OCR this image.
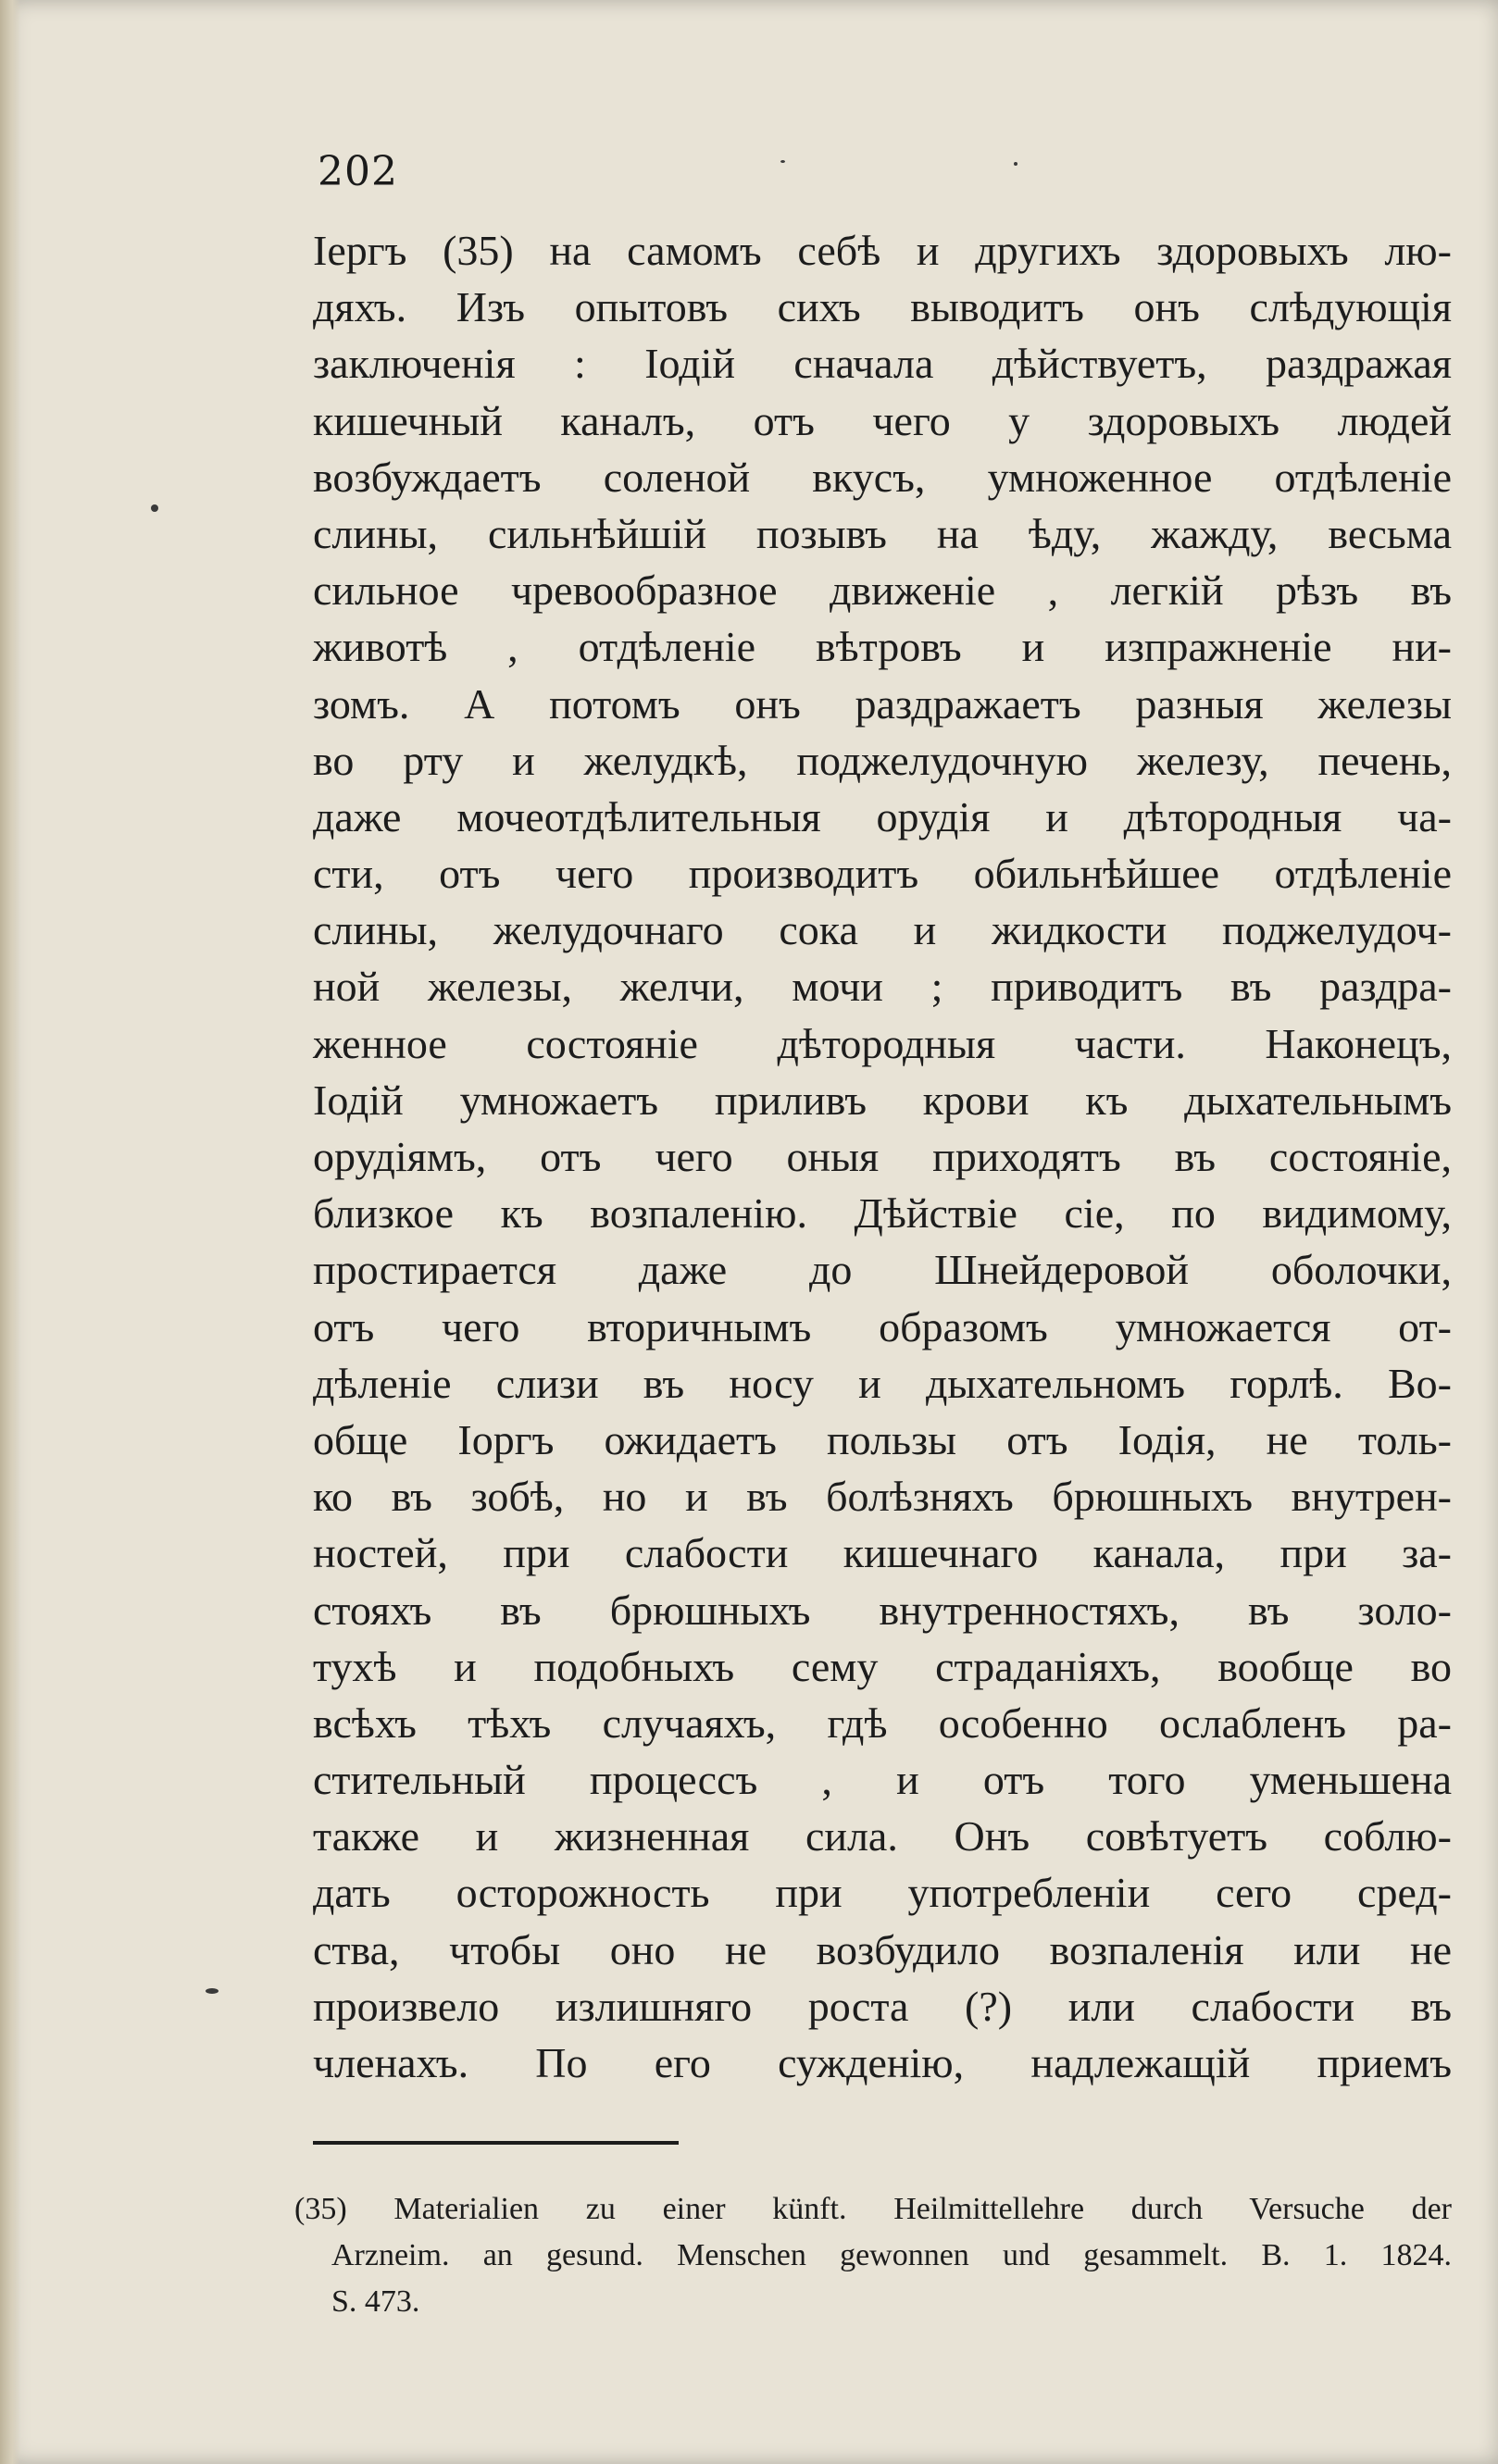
202
Iергъ (35) на самомъ себѣ и другихъ здоровыхъ лю-
дяхъ. Изъ опытовъ сихъ выводитъ онъ слѣдующія
заключенія : Iодій сначала дѣйствуетъ, раздражая
кишечный каналъ, отъ чего у здоровыхъ людей
возбуждаетъ соленой вкусъ, умноженное отдѣленіе
слины, сильнѣйшій позывъ на ѣду, жажду, весьма
сильное чревообразное движеніе , легкій рѣзъ въ
животѣ , отдѣленіе вѣтровъ и изпражненіе ни-
зомъ. А потомъ онъ раздражаетъ разныя железы
во рту и желудкѣ, поджелудочную железу, печень,
даже мочеотдѣлительныя орудія и дѣтородныя ча-
сти, отъ чего производитъ обильнѣйшее отдѣленіе
слины, желудочнаго сока и жидкости поджелудоч-
ной железы, желчи, мочи ; приводитъ въ раздра-
женное состояніе дѣтородныя части. Наконецъ,
Iодій умножаетъ приливъ крови къ дыхательнымъ
орудіямъ, отъ чего оныя приходятъ въ состояніе,
близкое къ возпаленію. Дѣйствіе сіе, по видимому,
простирается даже до Шнейдеровой оболочки,
отъ чего вторичнымъ образомъ умножается от-
дѣленіе слизи въ носу и дыхательномъ горлѣ. Во-
обще Iоргъ ожидаетъ пользы отъ Iодія, не толь-
ко въ зобѣ, но и въ болѣзняхъ брюшныхъ внутрен-
ностей, при слабости кишечнаго канала, при за-
стояхъ въ брюшныхъ внутренностяхъ, въ золо-
тухѣ и подобныхъ сему страданіяхъ, вообще во
всѣхъ тѣхъ случаяхъ, гдѣ особенно ослабленъ ра-
стительный процессъ , и отъ того уменьшена
также и жизненная сила. Онъ совѣтуетъ соблю-
дать осторожность при употребленіи сего сред-
ства, чтобы оно не возбудило возпаленія или не
произвело излишняго роста (?) или слабости въ
членахъ. По его сужденію, надлежащій приемъ
(35) Materialien zu einer künft. Heilmittellehre durch Versuche der
Arzneim. an gesund. Menschen gewonnen und gesammelt. B. 1. 1824.
S. 473.
